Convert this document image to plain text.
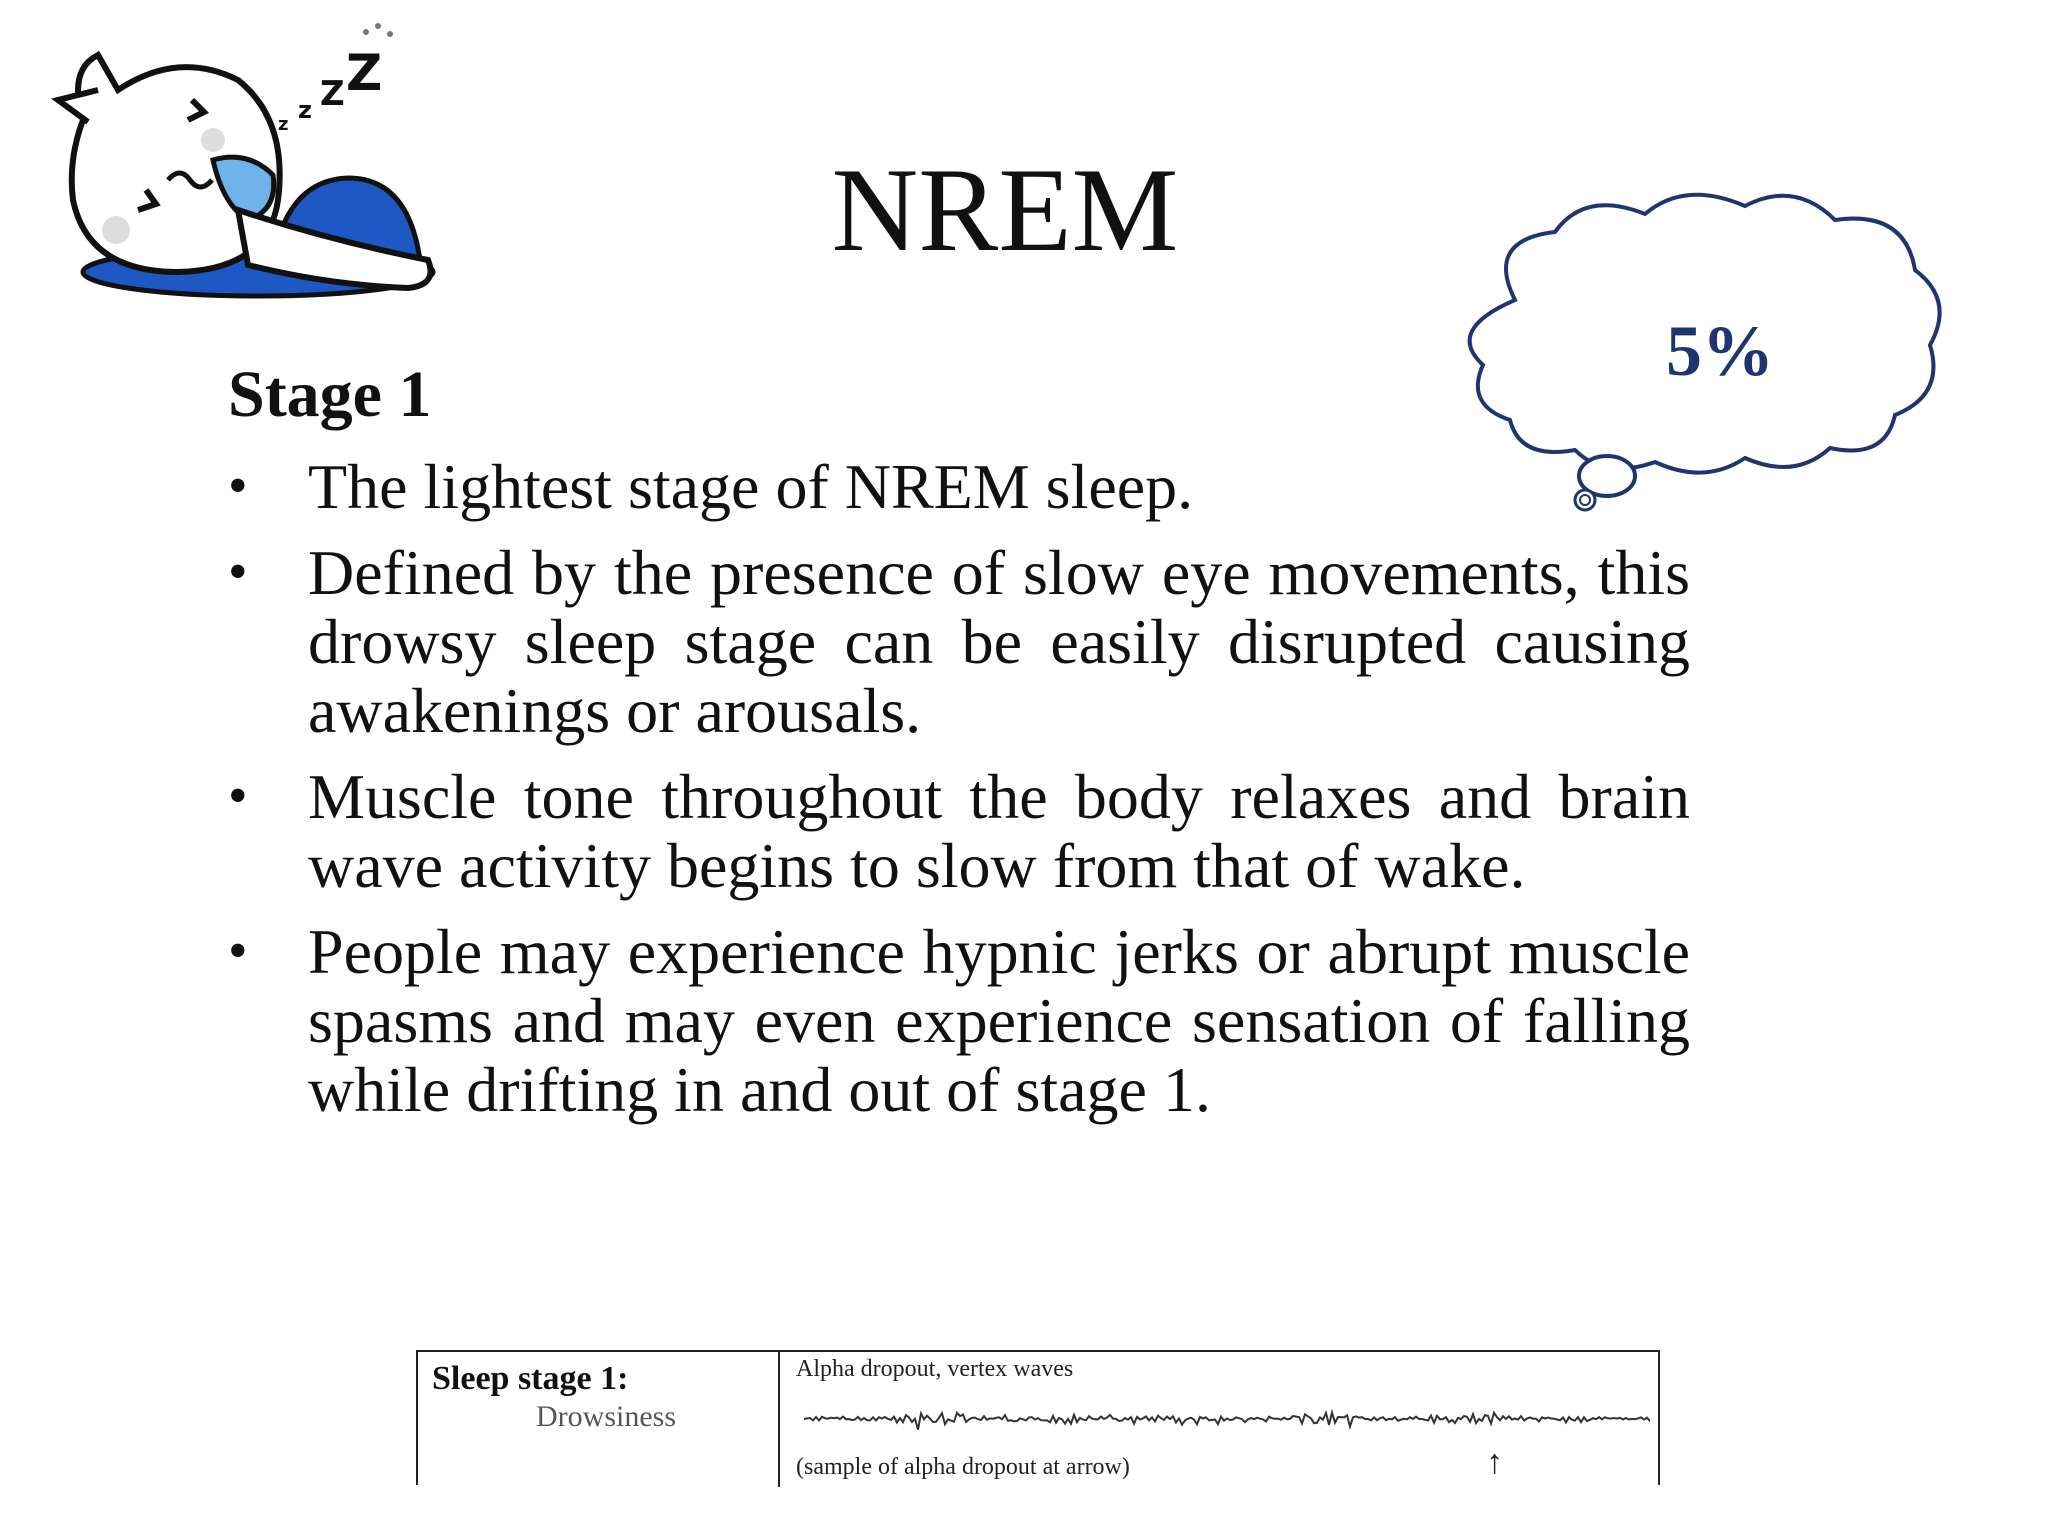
z
z Z Z
NREM
5%
Stage 1
• The lightest stage of NREM sleep.
• Defined by the presence of slow eye movements, this drowsy sleep stage can be easily disrupted causing awakenings or arousals.
• Muscle tone throughout the body relaxes and brain wave activity begins to slow from that of wake.
• People may experience hypnic jerks or abrupt muscle spasms and may even experience sensation of falling while drifting in and out of stage 1.
Sleep stage 1:
Drowsiness
Alpha dropout, vertex waves
↑
(sample of alpha dropout at arrow)
